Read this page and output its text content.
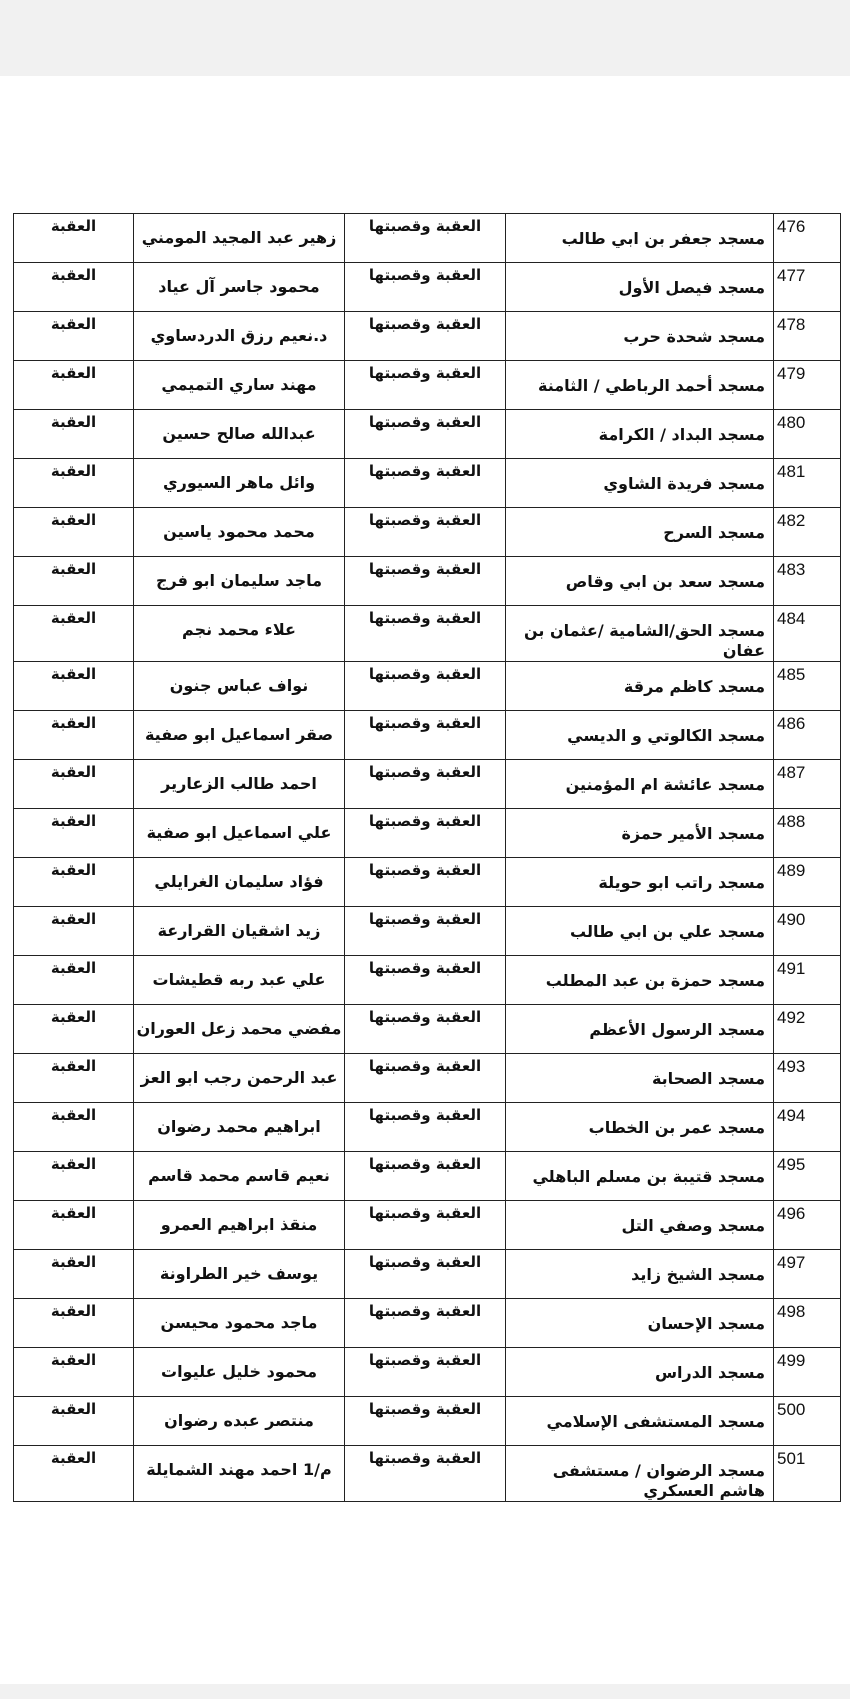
العقبة	زهير عبد المجيد المومني	العقبة وقصبتها	مسجد جعفر بن ابي طالب	476
العقبة	محمود جاسر آل عياد	العقبة وقصبتها	مسجد فيصل الأول	477
العقبة	د.نعيم رزق الدردساوي	العقبة وقصبتها	مسجد شحدة حرب	478
العقبة	مهند ساري التميمي	العقبة وقصبتها	مسجد أحمد الرباطي / الثامنة	479
العقبة	عبدالله صالح حسين	العقبة وقصبتها	مسجد البداد / الكرامة	480
العقبة	وائل ماهر السيوري	العقبة وقصبتها	مسجد فريدة الشاوي	481
العقبة	محمد محمود ياسين	العقبة وقصبتها	مسجد السرح	482
العقبة	ماجد سليمان ابو فرج	العقبة وقصبتها	مسجد سعد بن ابي وقاص	483
العقبة	علاء محمد نجم	العقبة وقصبتها	مسجد الحق/الشامية /عثمان بن عفان	484
العقبة	نواف عباس جنون	العقبة وقصبتها	مسجد كاظم مرقة	485
العقبة	صقر اسماعيل ابو صفية	العقبة وقصبتها	مسجد الكالوتي و الديسي	486
العقبة	احمد طالب الزعارير	العقبة وقصبتها	مسجد عائشة ام المؤمنين	487
العقبة	علي اسماعيل ابو صفية	العقبة وقصبتها	مسجد الأمير حمزة	488
العقبة	فؤاد سليمان الغرايلي	العقبة وقصبتها	مسجد راتب ابو حويلة	489
العقبة	زيد اشقيان القرارعة	العقبة وقصبتها	مسجد علي بن ابي طالب	490
العقبة	علي عبد ربه قطيشات	العقبة وقصبتها	مسجد حمزة بن عبد المطلب	491
العقبة	مفضي محمد زعل العوران	العقبة وقصبتها	مسجد الرسول الأعظم	492
العقبة	عبد الرحمن رجب ابو العز	العقبة وقصبتها	مسجد الصحابة	493
العقبة	ابراهيم محمد رضوان	العقبة وقصبتها	مسجد عمر بن الخطاب	494
العقبة	نعيم قاسم محمد قاسم	العقبة وقصبتها	مسجد قتيبة بن مسلم الباهلي	495
العقبة	منقذ ابراهيم العمرو	العقبة وقصبتها	مسجد وصفي التل	496
العقبة	يوسف خير الطراونة	العقبة وقصبتها	مسجد الشيخ زايد	497
العقبة	ماجد محمود محيسن	العقبة وقصبتها	مسجد الإحسان	498
العقبة	محمود خليل عليوات	العقبة وقصبتها	مسجد الدراس	499
العقبة	منتصر عبده رضوان	العقبة وقصبتها	مسجد المستشفى الإسلامي	500
العقبة	م/1 احمد مهند الشمايلة	العقبة وقصبتها	مسجد الرضوان / مستشفى هاشم العسكري	501
